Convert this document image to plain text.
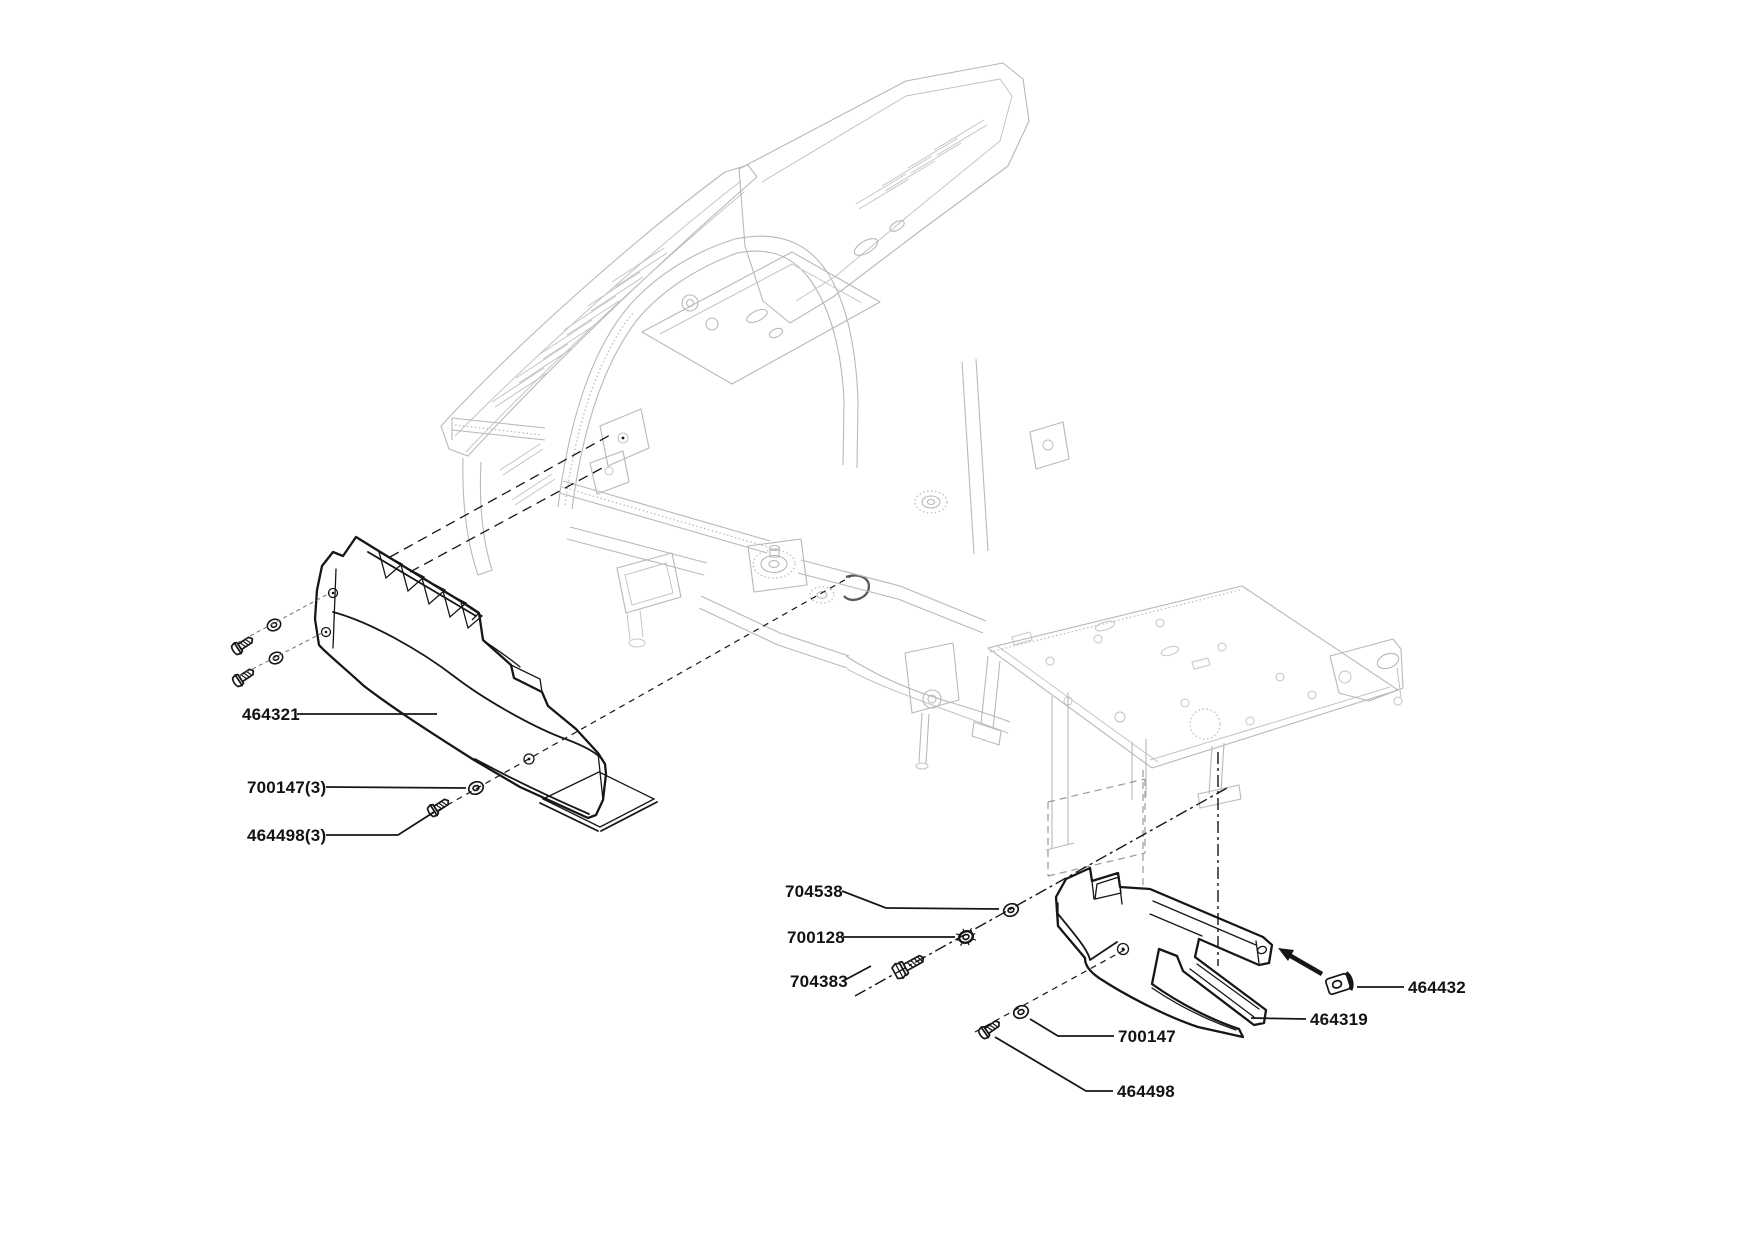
464321
700147(3)
464498(3)
704538
700128
704383	464432
464319
700147
464498
